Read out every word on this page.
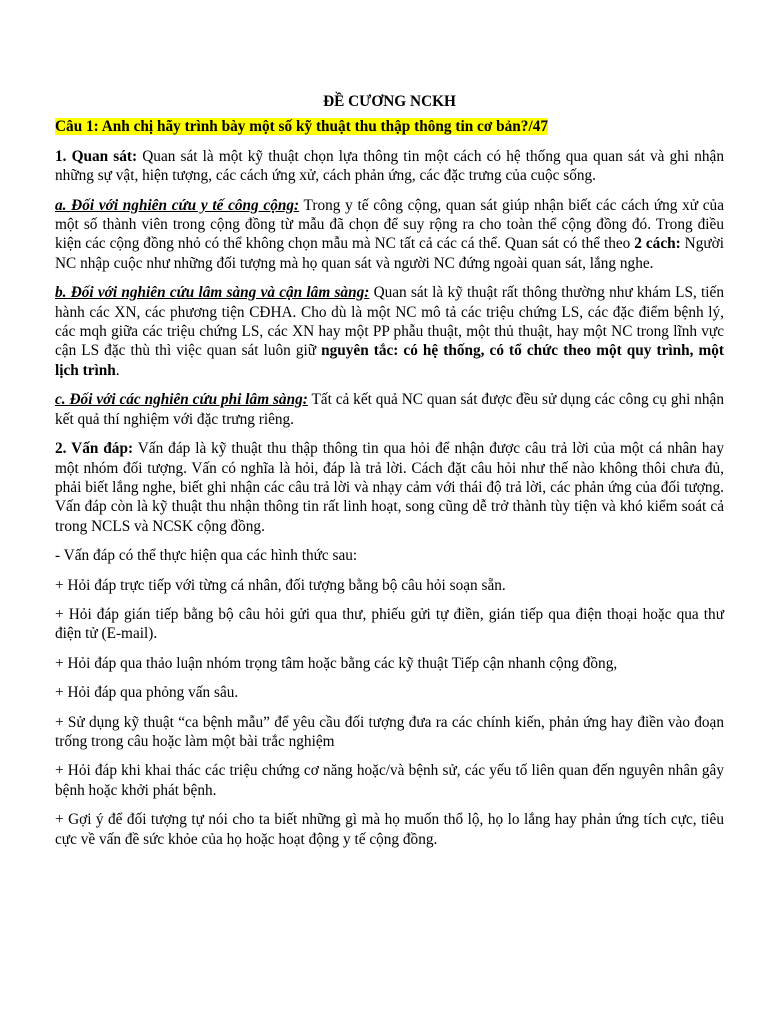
ĐỀ CƯƠNG NCKH
Câu 1: Anh chị hãy trình bày một số kỹ thuật thu thập thông tin cơ bản?/47

1. Quan sát: Quan sát là một kỹ thuật chọn lựa thông tin một cách có hệ thống qua quan sát và ghi nhận những sự vật, hiện tượng, các cách ứng xử, cách phản ứng, các đặc trưng của cuộc sống.

a. Đối với nghiên cứu y tế công cộng: Trong y tế công cộng, quan sát giúp nhận biết các cách ứng xử của một số thành viên trong cộng đồng từ mẫu đã chọn để suy rộng ra cho toàn thể cộng đồng đó. Trong điều kiện các cộng đồng nhỏ có thể không chọn mẫu mà NC tất cả các cá thể. Quan sát có thể theo 2 cách: Người NC nhập cuộc như những đối tượng mà họ quan sát và người NC đứng ngoài quan sát, lắng nghe.

b. Đối với nghiên cứu lâm sàng và cận lâm sàng: Quan sát là kỹ thuật rất thông thường như khám LS, tiến hành các XN, các phương tiện CĐHA. Cho dù là một NC mô tả các triệu chứng LS, các đặc điểm bệnh lý, các mqh giữa các triệu chứng LS, các XN hay một PP phẫu thuật, một thủ thuật, hay một NC trong lĩnh vực cận LS đặc thù thì việc quan sát luôn giữ nguyên tắc: có hệ thống, có tổ chức theo một quy trình, một lịch trình.

c. Đối với các nghiên cứu phi lâm sàng: Tất cả kết quả NC quan sát được đều sử dụng các công cụ ghi nhận kết quả thí nghiệm với đặc trưng riêng.

2. Vấn đáp: Vấn đáp là kỹ thuật thu thập thông tin qua hỏi để nhận được câu trả lời của một cá nhân hay một nhóm đối tượng. Vấn có nghĩa là hỏi, đáp là trả lời. Cách đặt câu hỏi như thế nào không thôi chưa đủ, phải biết lắng nghe, biết ghi nhận các câu trả lời và nhạy cảm với thái độ trả lời, các phản ứng của đối tượng. Vấn đáp còn là kỹ thuật thu nhận thông tin rất linh hoạt, song cũng dễ trở thành tùy tiện và khó kiểm soát cả trong NCLS và NCSK cộng đồng.

- Vấn đáp có thể thực hiện qua các hình thức sau:

+ Hỏi đáp trực tiếp với từng cá nhân, đối tượng bằng bộ câu hỏi soạn sẵn.

+ Hỏi đáp gián tiếp bằng bộ câu hỏi gửi qua thư, phiếu gửi tự điền, gián tiếp qua điện thoại hoặc qua thư điện tử (E-mail).

+ Hỏi đáp qua thảo luận nhóm trọng tâm hoặc bằng các kỹ thuật Tiếp cận nhanh cộng đồng,

+ Hỏi đáp qua phỏng vấn sâu.

+ Sử dụng kỹ thuật “ca bệnh mẫu” để yêu cầu đối tượng đưa ra các chính kiến, phản ứng hay điền vào đoạn trống trong câu hoặc làm một bài trắc nghiệm

+ Hỏi đáp khi khai thác các triệu chứng cơ năng hoặc/và bệnh sử, các yếu tố liên quan đến nguyên nhân gây bệnh hoặc khởi phát bệnh.

+ Gợi ý để đối tượng tự nói cho ta biết những gì mà họ muốn thổ lộ, họ lo lắng hay phản ứng tích cực, tiêu cực về vấn đề sức khỏe của họ hoặc hoạt động y tế cộng đồng.
